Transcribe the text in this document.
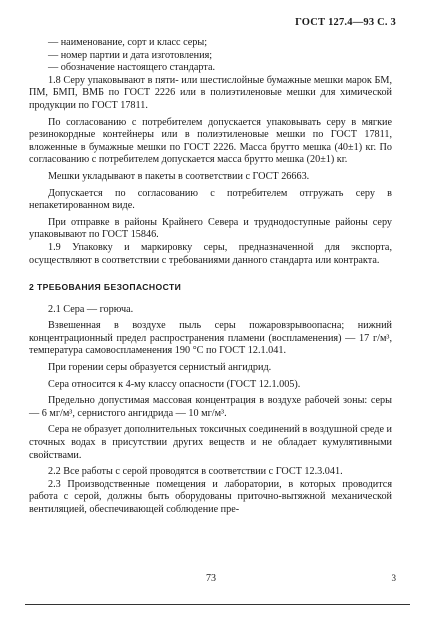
ГОСТ 127.4—93 С. 3

— наименование, сорт и класс серы;

— номер партии и дата изготовления;

— обозначение настоящего стандарта.

1.8 Серу упаковывают в пяти- или шестислойные бумажные мешки марок БМ, ПМ, БМП, ВМБ по ГОСТ 2226 или в полиэтиленовые мешки для химической продукции по ГОСТ 17811.

По согласованию с потребителем допускается упаковывать серу в мягкие резинокордные контейнеры или в полиэтиленовые мешки по ГОСТ 17811, вложенные в бумажные мешки по ГОСТ 2226. Масса брутто мешка (40±1) кг. По согласованию с потребителем допускается масса брутто мешка (20±1) кг.

Мешки укладывают в пакеты в соответствии с ГОСТ 26663.

Допускается по согласованию с потребителем отгружать серу в непакетированном виде.

При отправке в районы Крайнего Севера и труднодоступные районы серу упаковывают по ГОСТ 15846.

1.9 Упаковку и маркировку серы, предназначенной для экспорта, осуществляют в соответствии с требованиями данного стандарта или контракта.

2 ТРЕБОВАНИЯ БЕЗОПАСНОСТИ

2.1 Сера — горюча.

Взвешенная в воздухе пыль серы пожаровзрывоопасна; нижний концентрационный предел распространения пламени (воспламенения) — 17 г/м³, температура самовоспламенения 190 °С по ГОСТ 12.1.041.

При горении серы образуется сернистый ангидрид.

Сера относится к 4-му классу опасности (ГОСТ 12.1.005).

Предельно допустимая массовая концентрация в воздухе рабочей зоны: серы — 6 мг/м³, сернистого ангидрида — 10 мг/м³.

Сера не образует дополнительных токсичных соединений в воздушной среде и сточных водах в присутствии других веществ и не обладает кумулятивными свойствами.

2.2 Все работы с серой проводятся в соответствии с ГОСТ 12.3.041.

2.3 Производственные помещения и лаборатории, в которых проводится работа с серой, должны быть оборудованы приточно-вытяжной механической вентиляцией, обеспечивающей соблюдение пре-

73	3
